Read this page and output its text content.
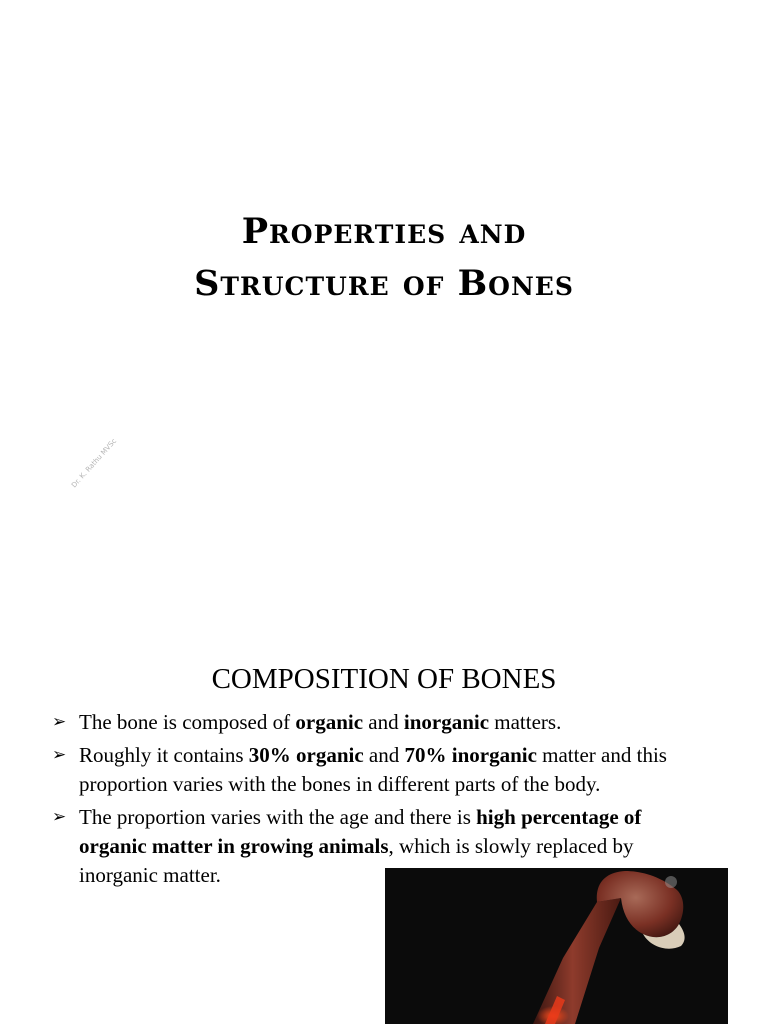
Properties and
Structure of Bones
Dr. K. Rathu MVSc
COMPOSITION OF BONES
➢ The bone is composed of organic and inorganic matters.
➢ Roughly it contains 30% organic and 70% inorganic matter and this proportion varies with the bones in different parts of the body.
➢ The proportion varies with the age and there is high percentage of organic matter in growing animals, which is slowly replaced by inorganic matter.
